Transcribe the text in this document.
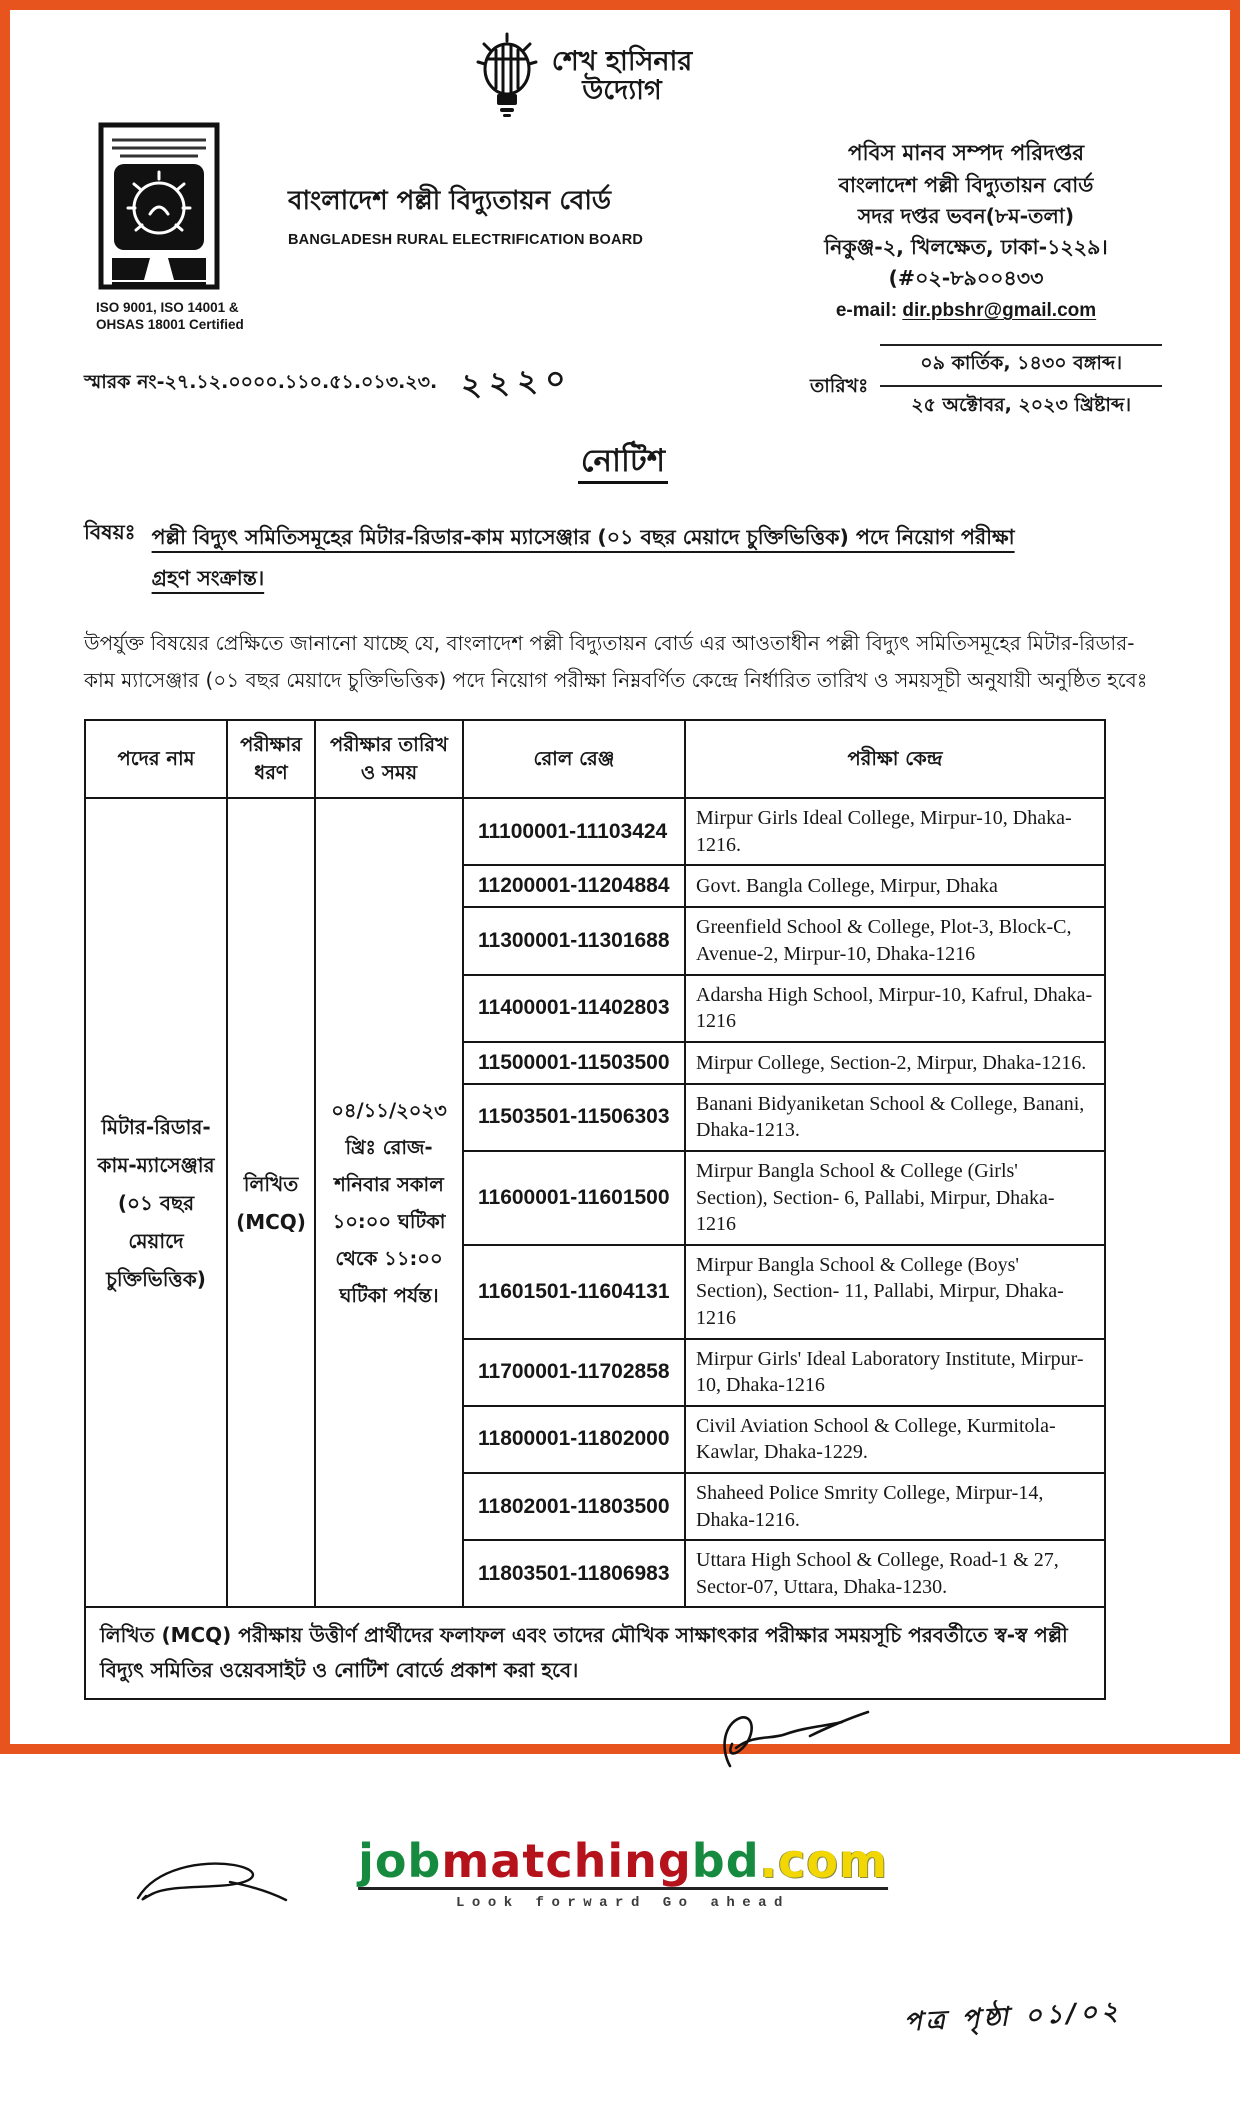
শেখ হাসিনার
উদ্যোগ
ISO 9001, ISO 14001 &
OHSAS 18001 Certified
বাংলাদেশ পল্লী বিদ্যুতায়ন বোর্ড
BANGLADESH RURAL ELECTRIFICATION BOARD
পবিস মানব সম্পদ পরিদপ্তর
বাংলাদেশ পল্লী বিদ্যুতায়ন বোর্ড
সদর দপ্তর ভবন(৮ম-তলা)
নিকুঞ্জ-২, খিলক্ষেত, ঢাকা-১২২৯।
(#০২-৮৯০০৪৩৩
e-mail: dir.pbshr@gmail.com
স্মারক নং-২৭.১২.০০০০.১১০.৫১.০১৩.২৩. ২২২০	তারিখঃ
০৯ কার্তিক, ১৪৩০ বঙ্গাব্দ।
২৫ অক্টোবর, ২০২৩ খ্রিষ্টাব্দ।
নোটিশ
বিষয়ঃ পল্লী বিদ্যুৎ সমিতিসমূহের মিটার-রিডার-কাম ম্যাসেঞ্জার (০১ বছর মেয়াদে চুক্তিভিত্তিক) পদে নিয়োগ পরীক্ষা গ্রহণ সংক্রান্ত।

উপর্যুক্ত বিষয়ের প্রেক্ষিতে জানানো যাচ্ছে যে, বাংলাদেশ পল্লী বিদ্যুতায়ন বোর্ড এর আওতাধীন পল্লী বিদ্যুৎ সমিতিসমূহের মিটার-রিডার-কাম ম্যাসেঞ্জার (০১ বছর মেয়াদে চুক্তিভিত্তিক) পদে নিয়োগ পরীক্ষা নিম্নবর্ণিত কেন্দ্রে নির্ধারিত তারিখ ও সময়সূচী অনুযায়ী অনুষ্ঠিত হবেঃ

পদের নাম	পরীক্ষার ধরণ	পরীক্ষার তারিখ ও সময়	রোল রেঞ্জ	পরীক্ষা কেন্দ্র
মিটার-রিডার-কাম-ম্যাসেঞ্জার (০১ বছর মেয়াদে চুক্তিভিত্তিক)	লিখিত (MCQ)	০৪/১১/২০২৩ খ্রিঃ রোজ-শনিবার সকাল ১০:০০ ঘটিকা থেকে ১১:০০ ঘটিকা পর্যন্ত।	11100001-11103424	Mirpur Girls Ideal College, Mirpur-10, Dhaka-1216.
			11200001-11204884	Govt. Bangla College, Mirpur, Dhaka
			11300001-11301688	Greenfield School & College, Plot-3, Block-C, Avenue-2, Mirpur-10, Dhaka-1216
			11400001-11402803	Adarsha High School, Mirpur-10, Kafrul, Dhaka-1216
			11500001-11503500	Mirpur College, Section-2, Mirpur, Dhaka-1216.
			11503501-11506303	Banani Bidyaniketan School & College, Banani, Dhaka-1213.
			11600001-11601500	Mirpur Bangla School & College (Girls' Section), Section- 6, Pallabi, Mirpur, Dhaka-1216
			11601501-11604131	Mirpur Bangla School & College (Boys' Section), Section- 11, Pallabi, Mirpur, Dhaka-1216
			11700001-11702858	Mirpur Girls' Ideal Laboratory Institute, Mirpur-10, Dhaka-1216
			11800001-11802000	Civil Aviation School & College, Kurmitola-Kawlar, Dhaka-1229.
			11802001-11803500	Shaheed Police Smrity College, Mirpur-14, Dhaka-1216.
			11803501-11806983	Uttara High School & College, Road-1 & 27, Sector-07, Uttara, Dhaka-1230.
লিখিত (MCQ) পরীক্ষায় উত্তীর্ণ প্রার্থীদের ফলাফল এবং তাদের মৌখিক সাক্ষাৎকার পরীক্ষার সময়সূচি পরবর্তীতে স্ব-স্ব পল্লী বিদ্যুৎ সমিতির ওয়েবসাইট ও নোটিশ বোর্ডে প্রকাশ করা হবে।				
jobmatchingbd.com
Look forward Go ahead
পত্র পৃষ্ঠা ০১/০২
